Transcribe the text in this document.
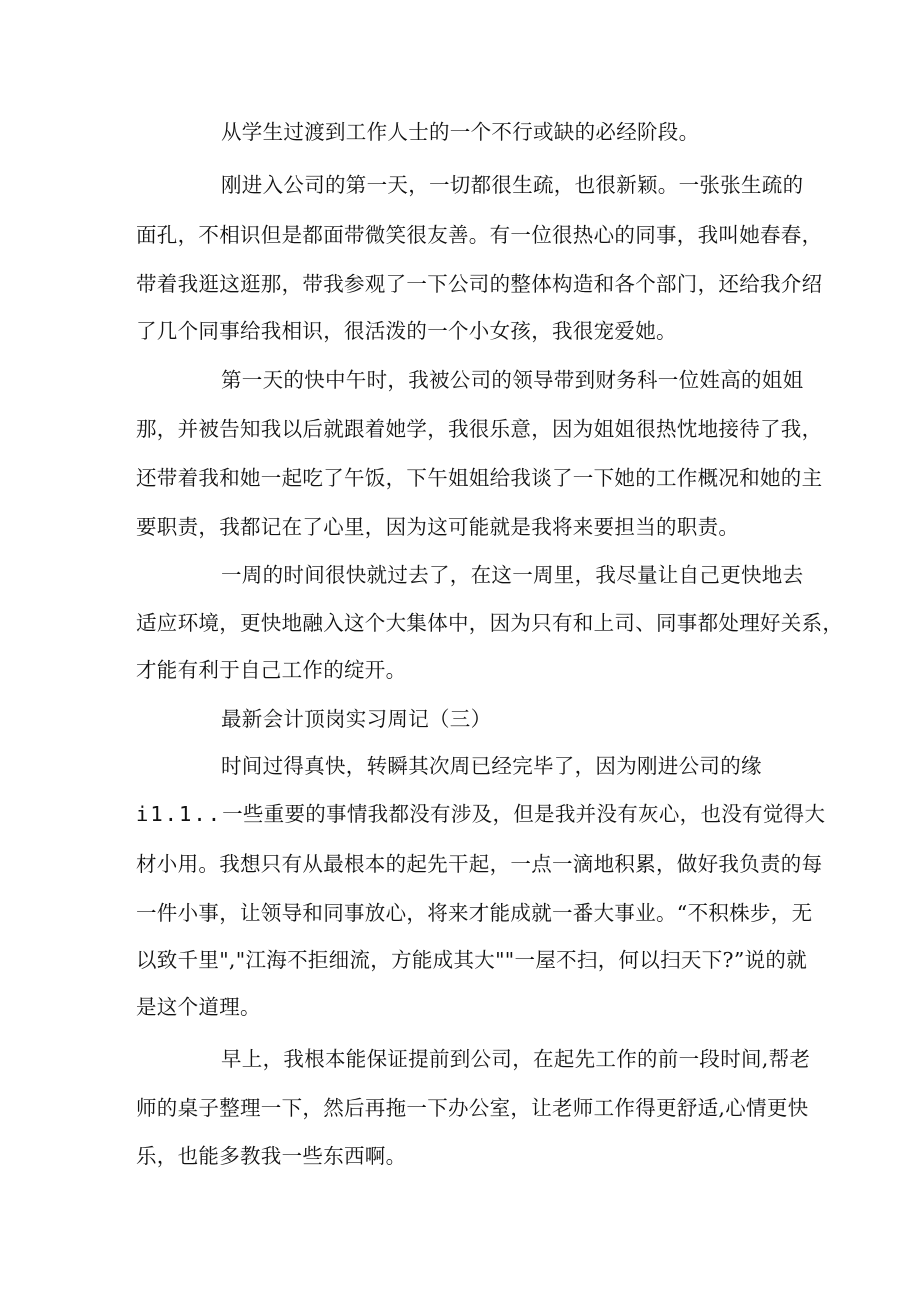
从学生过渡到工作人士的一个不行或缺的必经阶段。
刚进入公司的第一天，一切都很生疏，也很新颖。一张张生疏的
面孔，不相识但是都面带微笑很友善。有一位很热心的同事，我叫她春春，
带着我逛这逛那，带我参观了一下公司的整体构造和各个部门，还给我介绍
了几个同事给我相识，很活泼的一个小女孩，我很宠爱她。
第一天的快中午时，我被公司的领导带到财务科一位姓高的姐姐
那，并被告知我以后就跟着她学，我很乐意，因为姐姐很热忱地接待了我，
还带着我和她一起吃了午饭，下午姐姐给我谈了一下她的工作概况和她的主
要职责，我都记在了心里，因为这可能就是我将来要担当的职责。
一周的时间很快就过去了，在这一周里，我尽量让自己更快地去
适应环境，更快地融入这个大集体中，因为只有和上司、同事都处理好关系，
才能有利于自己工作的绽开。
最新会计顶岗实习周记（三）
时间过得真快，转瞬其次周已经完毕了，因为刚进公司的缘
i1.1..一些重要的事情我都没有涉及，但是我并没有灰心，也没有觉得大
材小用。我想只有从最根本的起先干起，一点一滴地积累，做好我负责的每
一件小事，让领导和同事放心，将来才能成就一番大事业。“不积株步，无
以致千里","江海不拒细流，方能成其大""一屋不扫，何以扫天下?”说的就
是这个道理。
早上，我根本能保证提前到公司，在起先工作的前一段时间,帮老
师的桌子整理一下，然后再拖一下办公室，让老师工作得更舒适,心情更快
乐，也能多教我一些东西啊。
